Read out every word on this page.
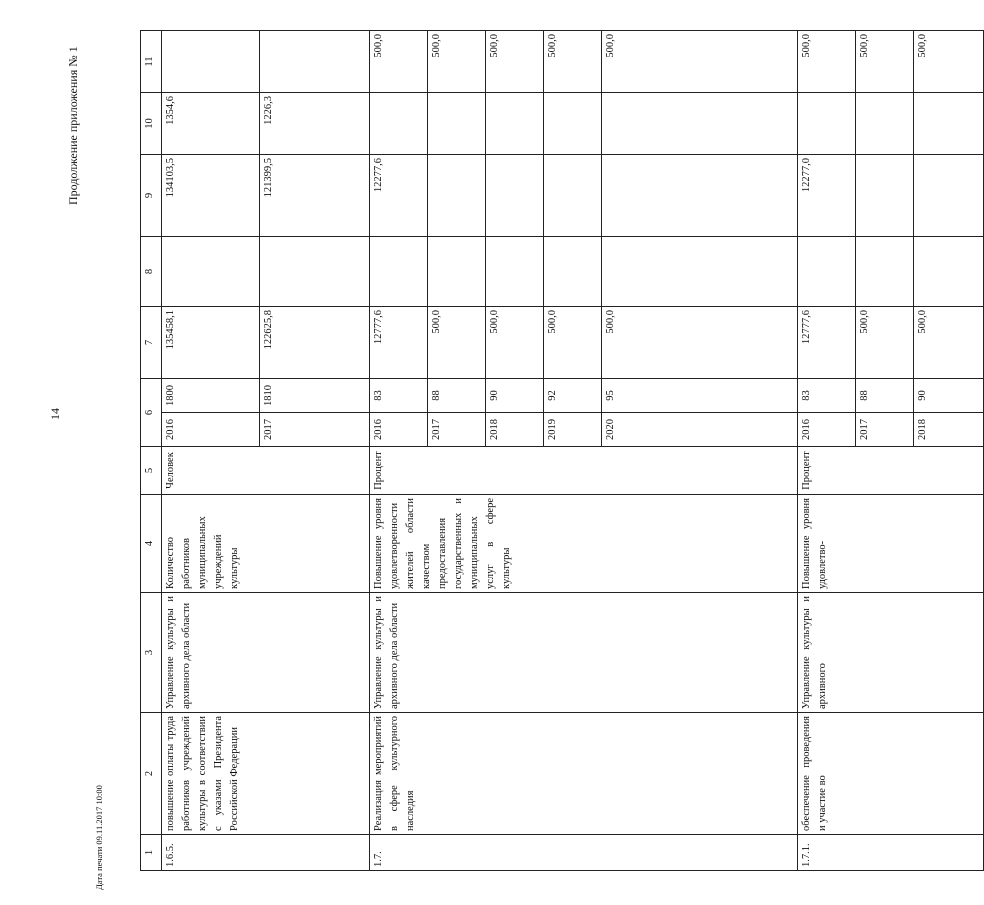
14
Продолжение приложения № 1
Дата печати 09.11.2017 10:00	1	2	3	4	5	6		7	8	9	10	11
1.6.5.	повышение оплаты труда работников учреждений культуры в соответствии с указами Президента Российской Федерации	Управление культуры и архивного дела области	Количество работников муниципальных учреждений культуры	Человек	2016	1800	135458,1		134103,5	1354,6	
					2017	1810	122625,8		121399,5	1226,3	
1.7.	Реализация мероприятий в сфере культурного наследия	Управление культуры и архивного дела области	Повышение уровня удовлетворенности жителей области качеством предоставления государственных и муниципальных услуг в сфере культуры	Процент	2016	83	12777,6		12277,6		500,0
					2017	88	500,0				500,0
					2018	90	500,0				500,0
					2019	92	500,0				500,0
					2020	95	500,0				500,0
1.7.1.	обеспечение проведения и участие во	Управление культуры и архивного	Повышение уровня удовлетво-	Процент	2016	83	12777,6		12277,0		500,0
					2017	88	500,0				500,0
					2018	90	500,0				500,0
